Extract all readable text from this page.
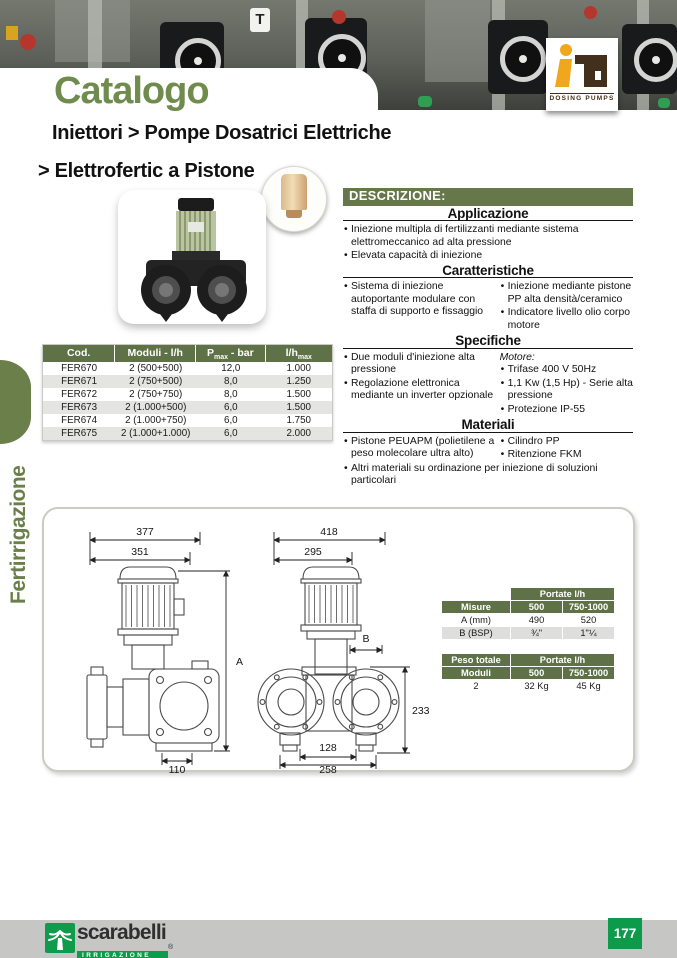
T
DOSING PUMPS
Catalogo
Iniettori > Pompe Dosatrici Elettriche
> Elettrofertic a Pistone
DESCRIZIONE:
Applicazione
• Iniezione multipla di fertilizzanti mediante sistema elettromeccanico ad alta pressione
• Elevata capacità di iniezione
Caratteristiche
• Sistema di iniezione autoportante modulare con staffa di supporto e fissaggio
• Iniezione mediante pistone PP alta densità/ceramico
• Indicatore livello olio corpo motore
Specifiche
• Due moduli d'iniezione alta pressione
• Regolazione elettronica mediante un inverter opzionale
Motore:
• Trifase 400 V 50Hz
• 1,1 Kw (1,5 Hp) - Serie alta pressione
• Protezione IP-55
Materiali
• Pistone PEUAPM (polietilene a peso molecolare ultra alto)
• Cilindro PP
• Ritenzione FKM
• Altri materiali su ordinazione per iniezione di soluzioni particolari
Cod.	Moduli - l/h	$P_{max}$ - bar	$l/h_{max}$
FER670	2 (500+500)	12,0	1.000
FER671	2 (750+500)	8,0	1.250
FER672	2 (750+750)	8,0	1.500
FER673	2 (1.000+500)	6,0	1.500
FER674	2 (1.000+750)	6,0	1.750
FER675	2 (1.000+1.000)	6,0	2.000
Fertirrigazione	377
351
A
110
418
295
B
233
128
258
Portate l/h
Misure	500	750-1000
A (mm)	490	520
B (BSP)	¾"	1"¼
Peso totale	Portate l/h
Moduli	500	750-1000
2	32 Kg	45 Kg
scarabelli
IRRIGAZIONE®
177
